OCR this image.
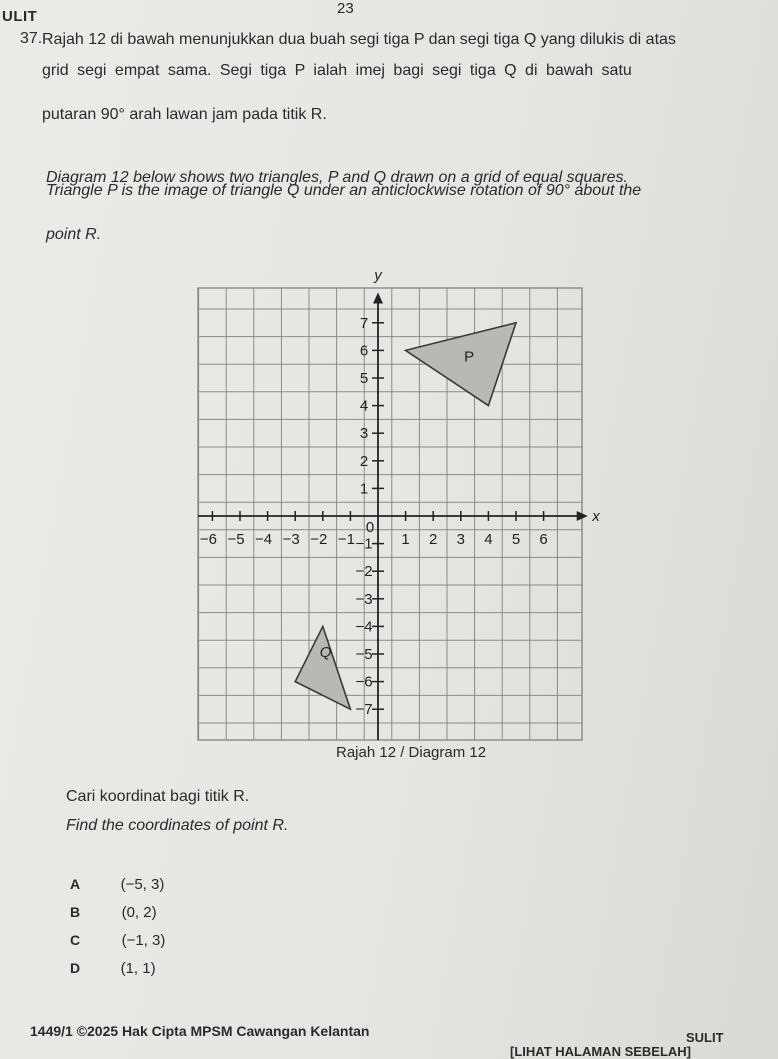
ULIT	23
37. Rajah 12 di bawah menunjukkan dua buah segi tiga P dan segi tiga Q yang dilukis di atas
grid segi empat sama. Segi tiga P ialah imej bagi segi tiga Q di bawah satu
putaran 90° arah lawan jam pada titik R.
Diagram 12 below shows two triangles, P and Q drawn on a grid of equal squares.
Triangle P is the image of triangle Q under an anticlockwise rotation of 90° about the
point R.
x
y
0
−6 −5 −4 −3 −2 −1	1 2 3 4 5 6
7
6
5
4
3
2
1
−1
−2
−3
−4
−5
−6
−7
P
Q
Rajah 12 / Diagram 12
Cari koordinat bagi titik R.
Find the coordinates of point R.
A	(−5, 3)
B	(0, 2)
C	(−1, 3)
D	(1, 1)
1449/1 ©2025 Hak Cipta MPSM Cawangan Kelantan	SULIT
[LIHAT HALAMAN SEBELAH]
